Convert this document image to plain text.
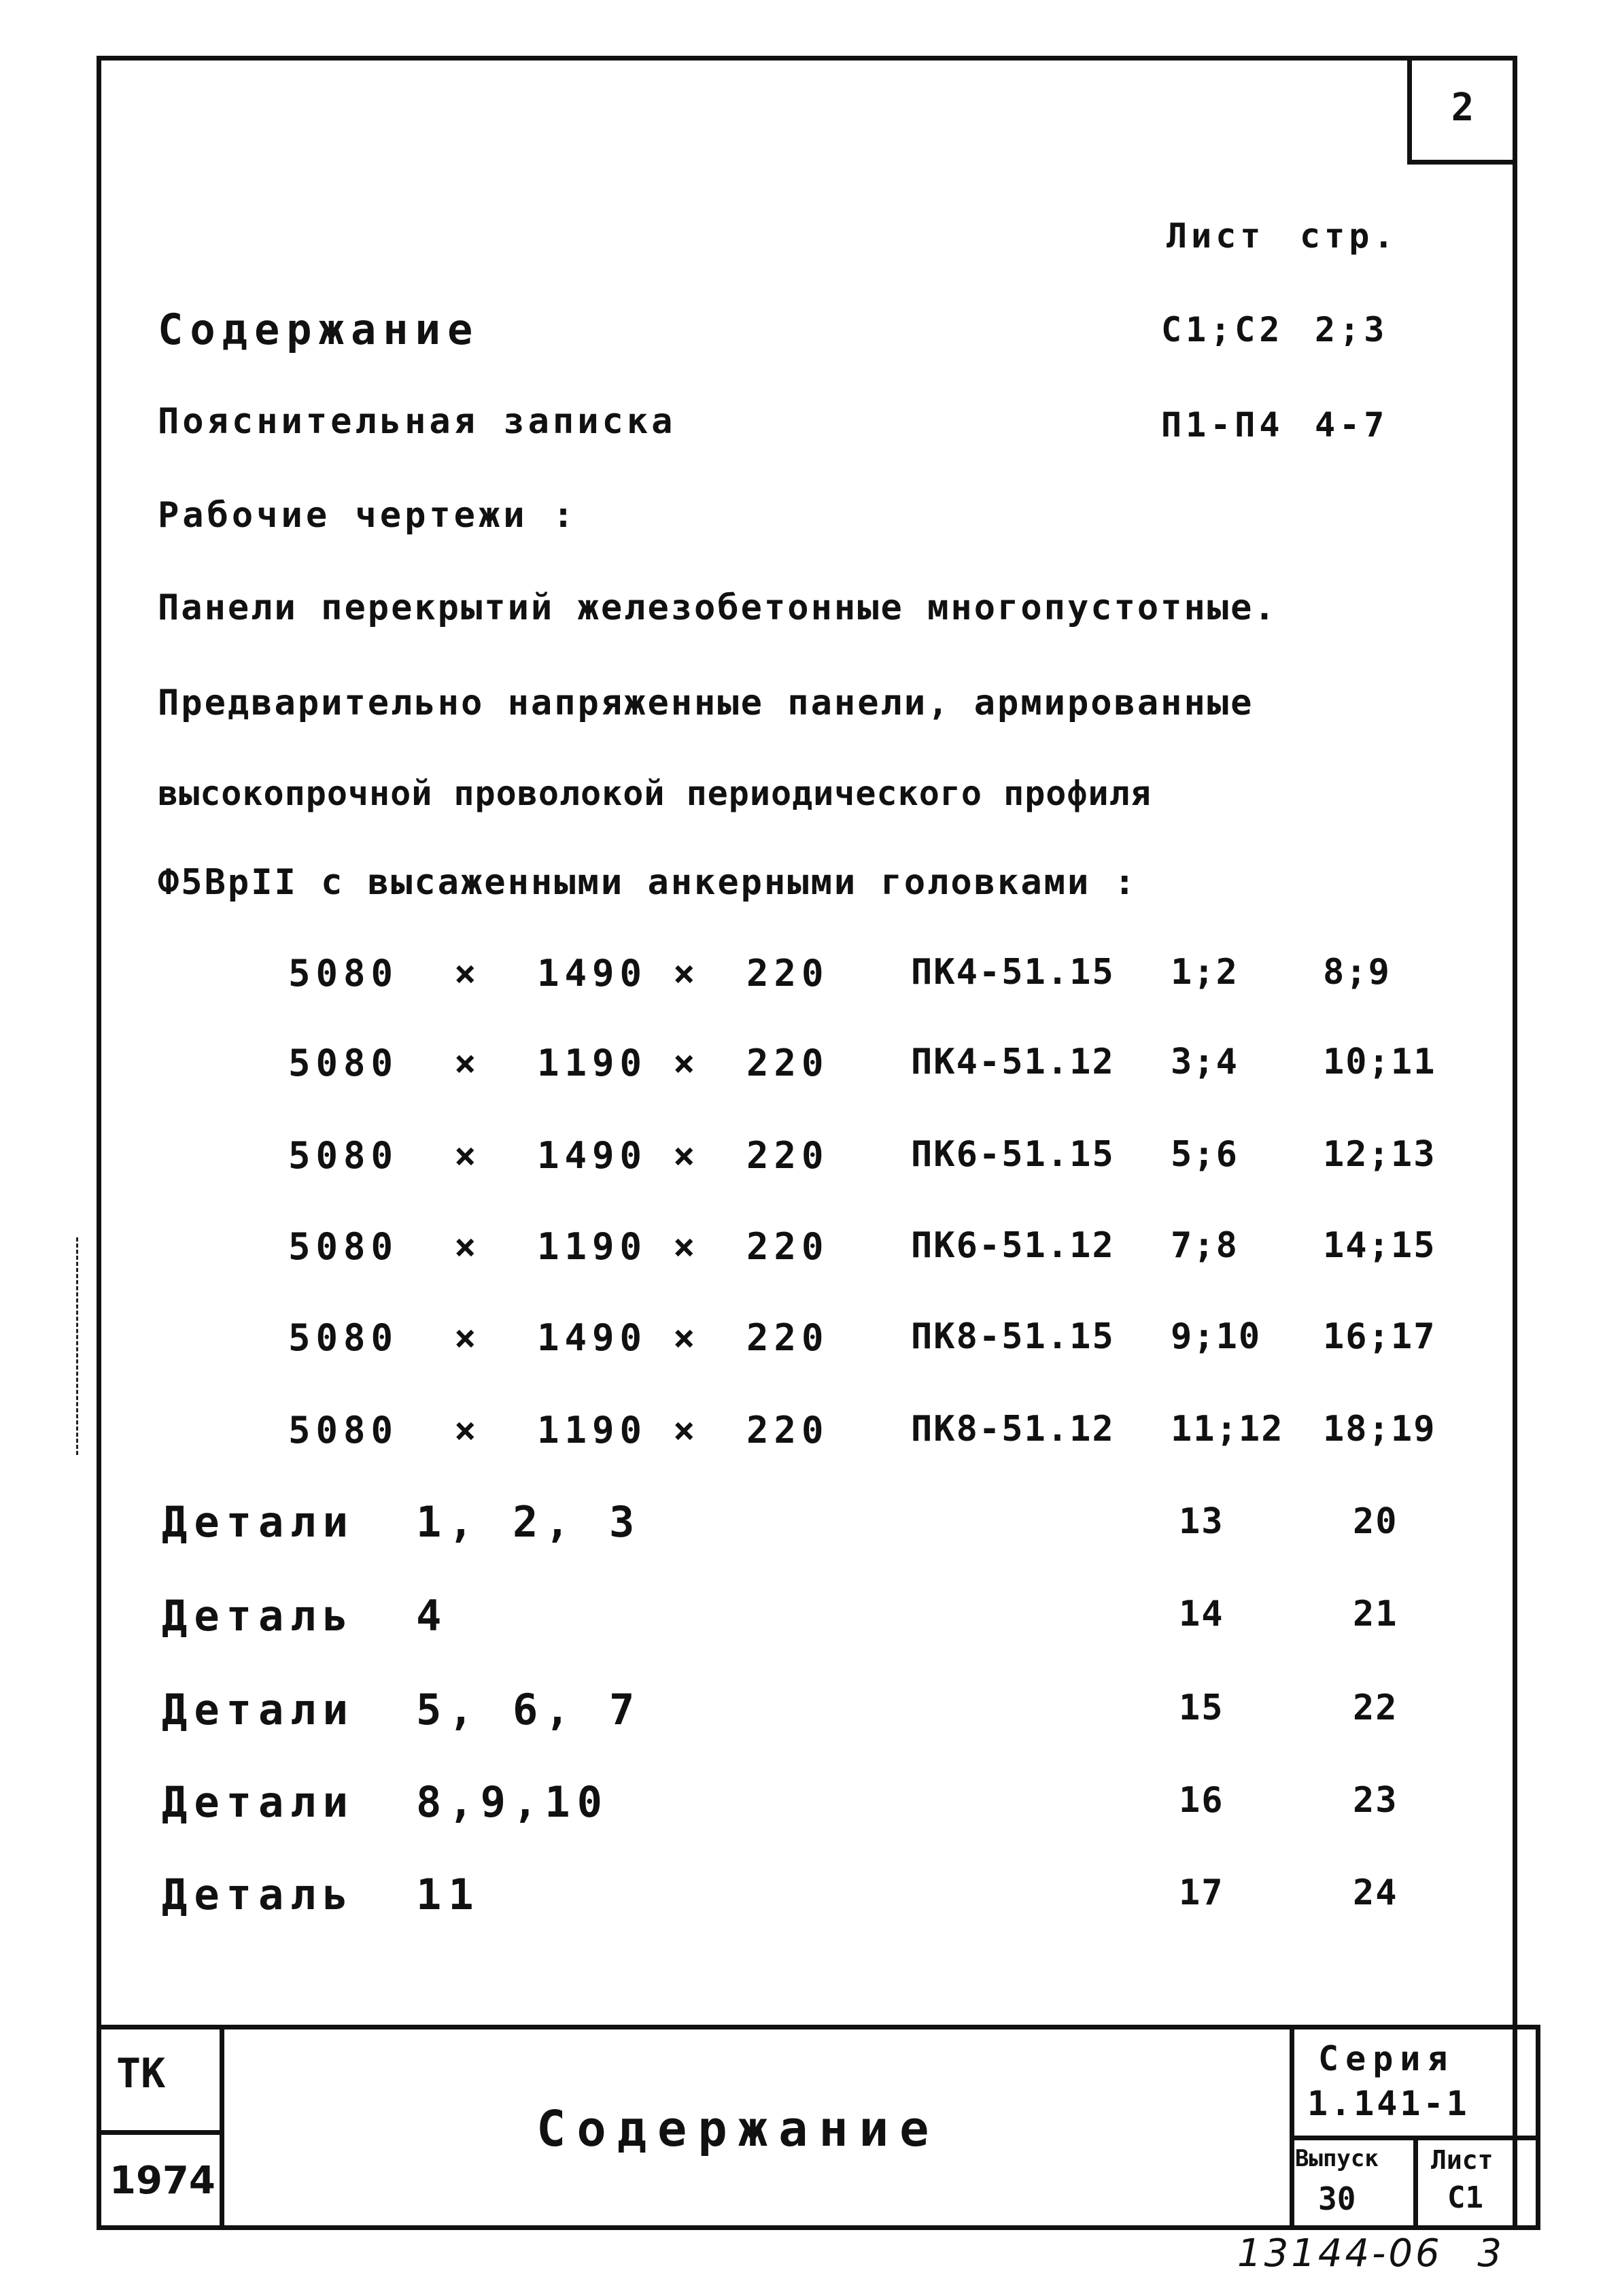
2
Лист стр.
Содержание	С1;С2 2;3
Пояснительная записка	П1-П4 4-7
Рабочие чертежи :
Панели перекрытий железобетонные многопустотные.
Предварительно напряженные панели, армированные
высокопрочной проволокой периодического профиля
Ф5ВрII с высаженными анкерными головками :
5080 × 1490 × 220 ПК4-51.15 1;2 8;9
5080 × 1190 × 220 ПК4-51.12 3;4 10;11
5080 × 1490 × 220 ПК6-51.15 5;6 12;13
5080 × 1190 × 220 ПК6-51.12 7;8 14;15
5080 × 1490 × 220 ПК8-51.15 9;10 16;17
5080 × 1190 × 220 ПК8-51.12 11;12 18;19
Детали 1, 2, 3	13	20
Деталь 4	14	21
Детали 5, 6, 7	15	22
Детали 8,9,10	16	23
Деталь 11	17	24
ТК
1974
Содержание
Серия
1.141-1
Выпуск
30
Лист
С1
13144-06 3
